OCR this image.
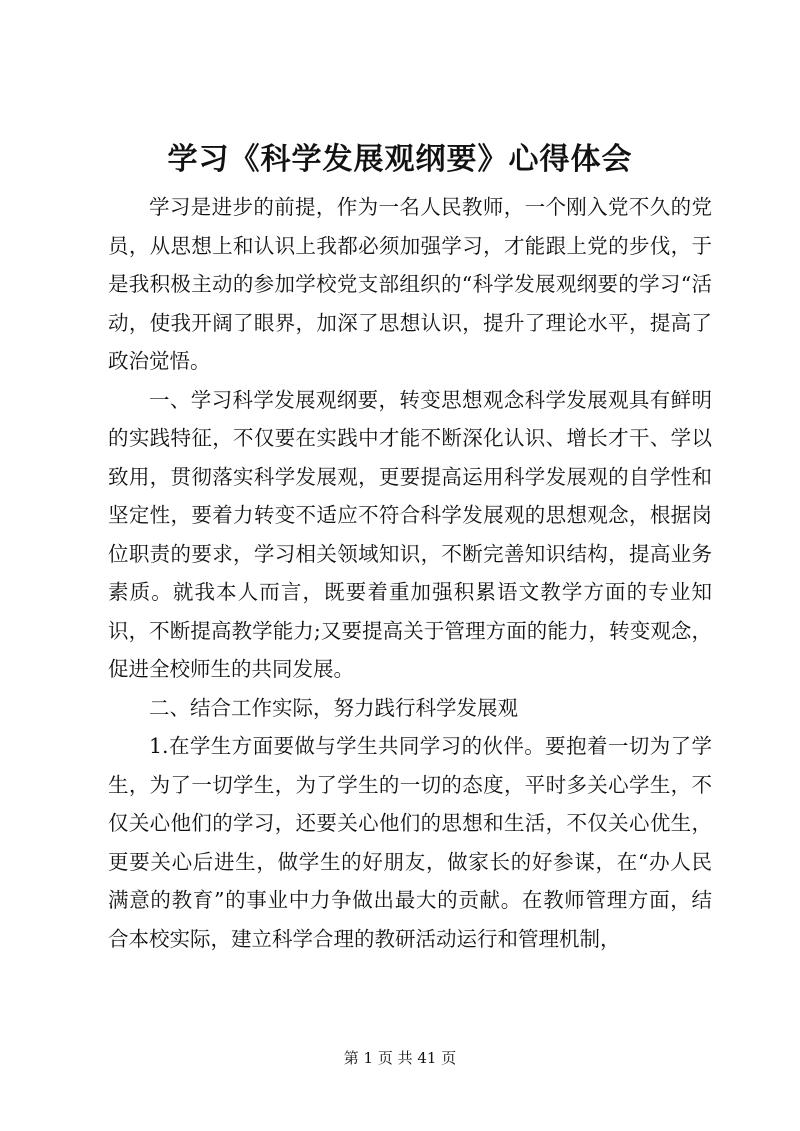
学习《科学发展观纲要》心得体会

学习是进步的前提，作为一名人民教师，一个刚入党不久的党员，从思想上和认识上我都必须加强学习，才能跟上党的步伐，于是我积极主动的参加学校党支部组织的“科学发展观纲要的学习“活动，使我开阔了眼界，加深了思想认识，提升了理论水平，提高了政治觉悟。

一、学习科学发展观纲要，转变思想观念科学发展观具有鲜明的实践特征，不仅要在实践中才能不断深化认识、增长才干、学以致用，贯彻落实科学发展观，更要提高运用科学发展观的自学性和坚定性，要着力转变不适应不符合科学发展观的思想观念，根据岗位职责的要求，学习相关领域知识，不断完善知识结构，提高业务素质。就我本人而言，既要着重加强积累语文教学方面的专业知识，不断提高教学能力;又要提高关于管理方面的能力，转变观念，促进全校师生的共同发展。

二、结合工作实际，努力践行科学发展观

1.在学生方面要做与学生共同学习的伙伴。要抱着一切为了学生，为了一切学生，为了学生的一切的态度，平时多关心学生，不仅关心他们的学习，还要关心他们的思想和生活，不仅关心优生，更要关心后进生，做学生的好朋友，做家长的好参谋，在“办人民满意的教育”的事业中力争做出最大的贡献。在教师管理方面，结合本校实际，建立科学合理的教研活动运行和管理机制，

第 1 页 共 41 页
